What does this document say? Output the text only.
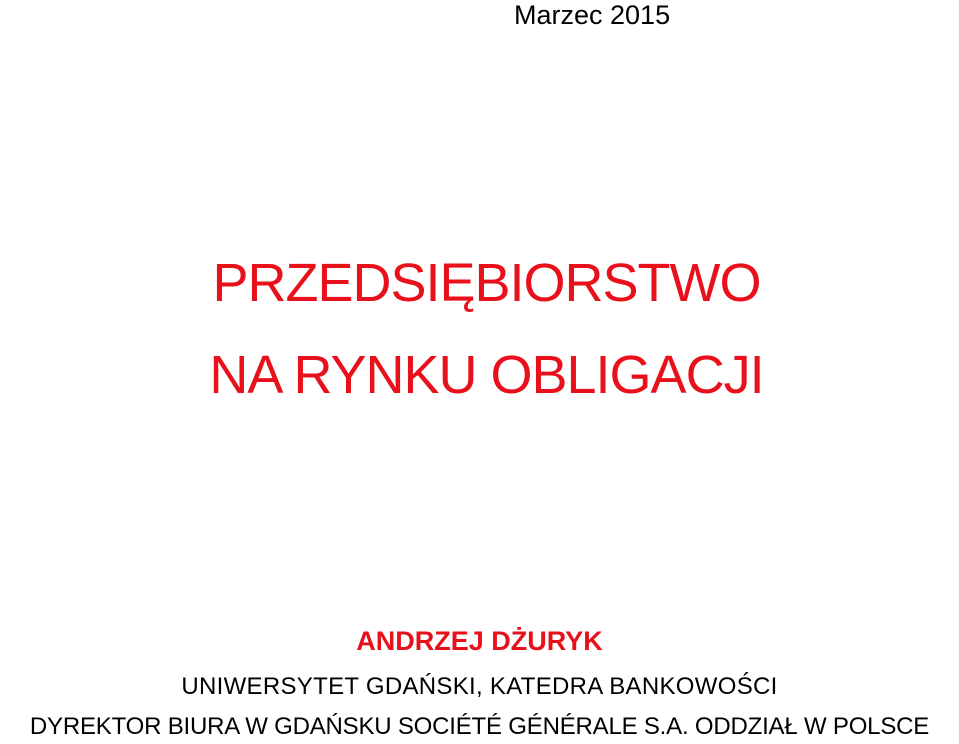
Marzec 2015
PRZEDSIĘBIORSTWO
NA RYNKU OBLIGACJI
ANDRZEJ DŻURYK
UNIWERSYTET GDAŃSKI, KATEDRA BANKOWOŚCI
DYREKTOR BIURA W GDAŃSKU SOCIÉTÉ GÉNÉRALE S.A. ODDZIAŁ W POLSCE
